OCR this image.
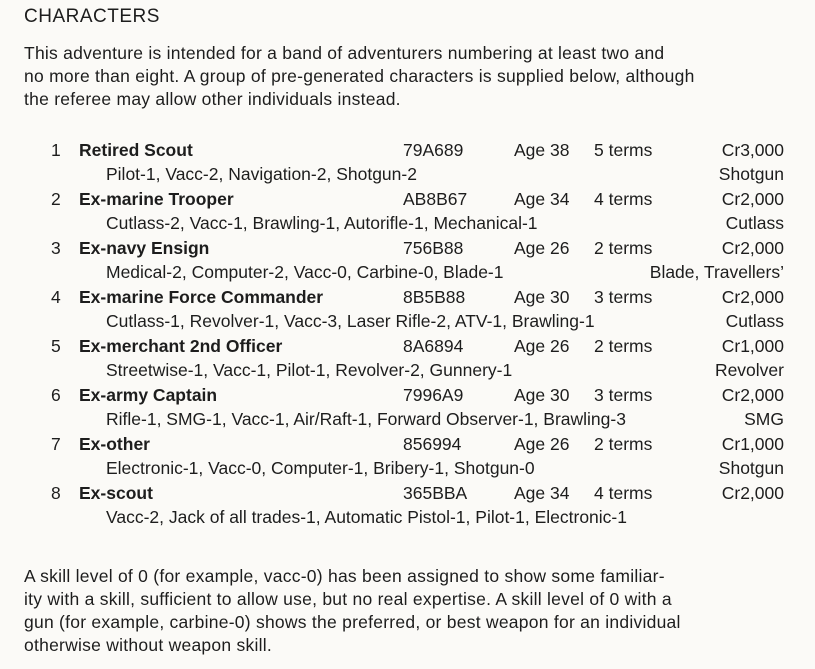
CHARACTERS
This adventure is intended for a band of adventurers numbering at least two and
no more than eight. A group of pre-generated characters is supplied below, although
the referee may allow other individuals instead.
1 Retired Scout	79A689	Age 38 5 terms	Cr3,000
Pilot-1, Vacc-2, Navigation-2, Shotgun-2	Shotgun
2 Ex-marine Trooper	AB8B67	Age 34 4 terms	Cr2,000
Cutlass-2, Vacc-1, Brawling-1, Autorifle-1, Mechanical-1	Cutlass
3 Ex-navy Ensign	756B88	Age 26 2 terms	Cr2,000
Medical-2, Computer-2, Vacc-0, Carbine-0, Blade-1	Blade, Travellers’
4 Ex-marine Force Commander	8B5B88	Age 30 3 terms	Cr2,000
Cutlass-1, Revolver-1, Vacc-3, Laser Rifle-2, ATV-1, Brawling-1	Cutlass
5 Ex-merchant 2nd Officer	8A6894	Age 26 2 terms	Cr1,000
Streetwise-1, Vacc-1, Pilot-1, Revolver-2, Gunnery-1	Revolver
6 Ex-army Captain	7996A9	Age 30 3 terms	Cr2,000
Rifle-1, SMG-1, Vacc-1, Air/Raft-1, Forward Observer-1, Brawling-3	SMG
7 Ex-other	856994	Age 26 2 terms	Cr1,000
Electronic-1, Vacc-0, Computer-1, Bribery-1, Shotgun-0	Shotgun
8 Ex-scout	365BBA	Age 34 4 terms	Cr2,000
Vacc-2, Jack of all trades-1, Automatic Pistol-1, Pilot-1, Electronic-1
A skill level of 0 (for example, vacc-0) has been assigned to show some familiar-
ity with a skill, sufficient to allow use, but no real expertise. A skill level of 0 with a
gun (for example, carbine-0) shows the preferred, or best weapon for an individual
otherwise without weapon skill.
